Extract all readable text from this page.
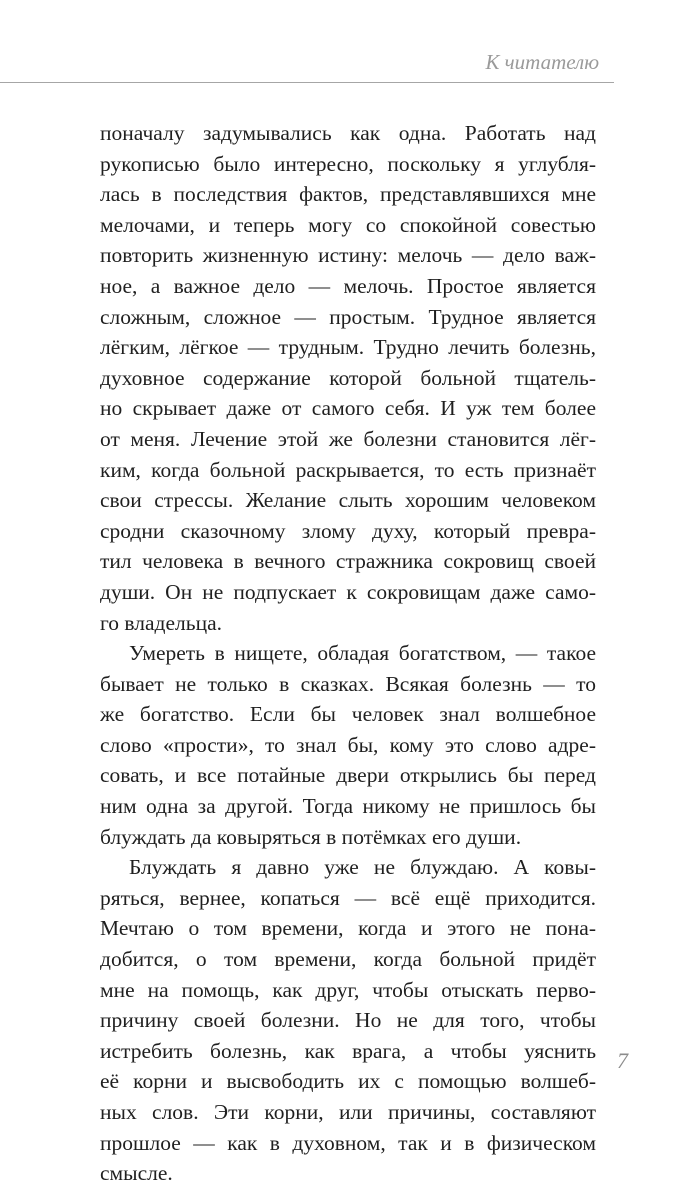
К читателю
поначалу задумывались как одна. Работать над
рукописью было интересно, поскольку я углубля-
лась в последствия фактов, представлявшихся мне
мелочами, и теперь могу со спокойной совестью
повторить жизненную истину: мелочь — дело важ-
ное, а важное дело — мелочь. Простое является
сложным, сложное — простым. Трудное является
лёгким, лёгкое — трудным. Трудно лечить болезнь,
духовное содержание которой больной тщатель-
но скрывает даже от самого себя. И уж тем более
от меня. Лечение этой же болезни становится лёг-
ким, когда больной раскрывается, то есть признаёт
свои стрессы. Желание слыть хорошим человеком
сродни сказочному злому духу, который преврa-
тил человека в вечного стражника сокровищ своей
души. Он не подпускает к сокровищам даже само-
го владельца.
Умереть в нищете, обладая богатством, — такое
бывает не только в сказках. Всякая болезнь — то
же богатство. Если бы человек знал волшебное
слово «прости», то знал бы, кому это слово адре-
совать, и все потайные двери открылись бы перед
ним одна за другой. Тогда никому не пришлось бы
блуждать да ковыряться в потёмках его души.
Блуждать я давно уже не блуждаю. А ковы-
ряться, вернее, копаться — всё ещё приходится.
Мечтаю о том времени, когда и этого не пона-
добится, о том времени, когда больной придёт
мне на помощь, как друг, чтобы отыскать перво-
причину своей болезни. Но не для того, чтобы
истребить болезнь, как врага, а чтобы уяснить
её корни и высвободить их с помощью волшеб-
ных слов. Эти корни, или причины, составляют
прошлое — как в духовном, так и в физическом
смысле.
7
